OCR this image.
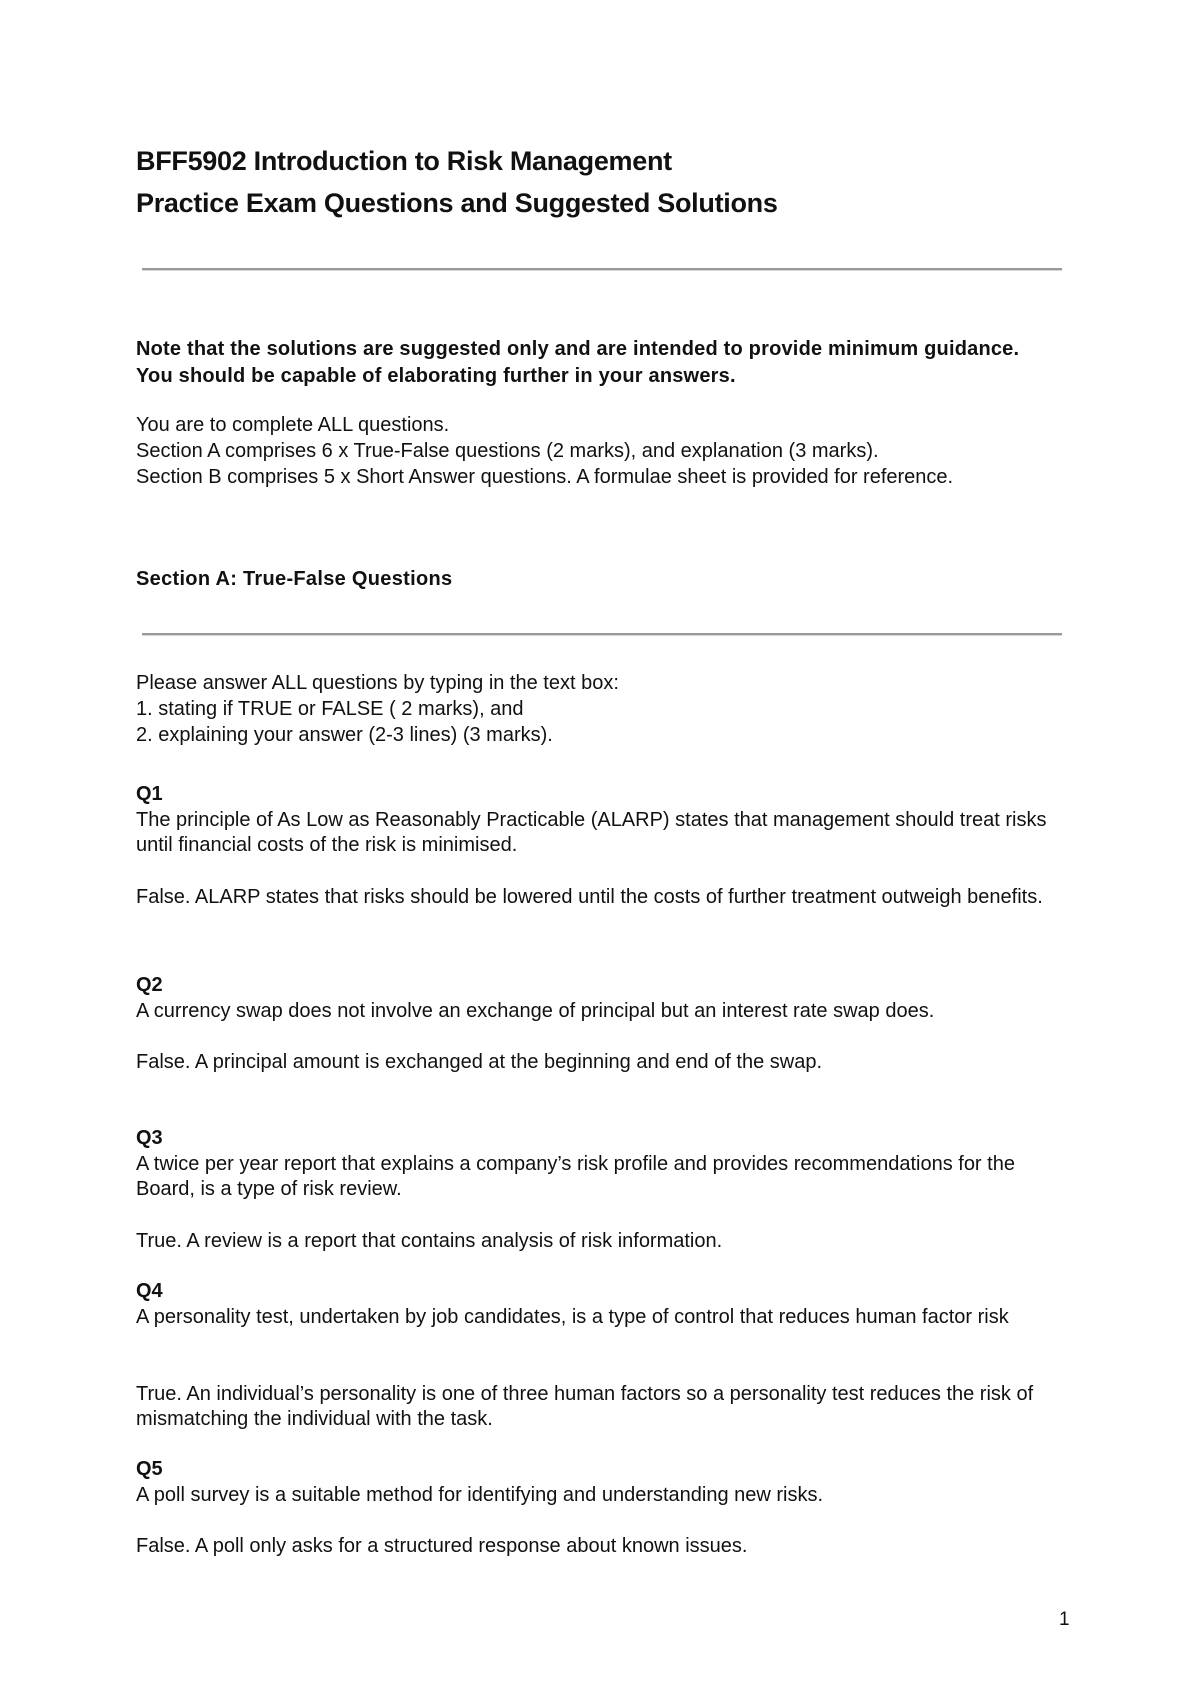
BFF5902 Introduction to Risk Management
Practice Exam Questions and Suggested Solutions
Note that the solutions are suggested only and are intended to provide minimum guidance. You should be capable of elaborating further in your answers.
You are to complete ALL questions.
Section A comprises 6 x True-False questions (2 marks), and explanation (3 marks).
Section B comprises 5 x Short Answer questions. A formulae sheet is provided for reference.
Section A: True-False Questions
Please answer ALL questions by typing in the text box:
1. stating if TRUE or FALSE ( 2 marks), and
2. explaining your answer (2-3 lines) (3 marks).
Q1
The principle of As Low as Reasonably Practicable (ALARP) states that management should treat risks until financial costs of the risk is minimised.
False. ALARP states that risks should be lowered until the costs of further treatment outweigh benefits.
Q2
A currency swap does not involve an exchange of principal but an interest rate swap does.
False. A principal amount is exchanged at the beginning and end of the swap.
Q3
A twice per year report that explains a company’s risk profile and provides recommendations for the Board, is a type of risk review.
True. A review is a report that contains analysis of risk information.
Q4
A personality test, undertaken by job candidates, is a type of control that reduces human factor risk
True. An individual’s personality is one of three human factors so a personality test reduces the risk of mismatching the individual with the task.
Q5
A poll survey is a suitable method for identifying and understanding new risks.
False. A poll only asks for a structured response about known issues.
1
